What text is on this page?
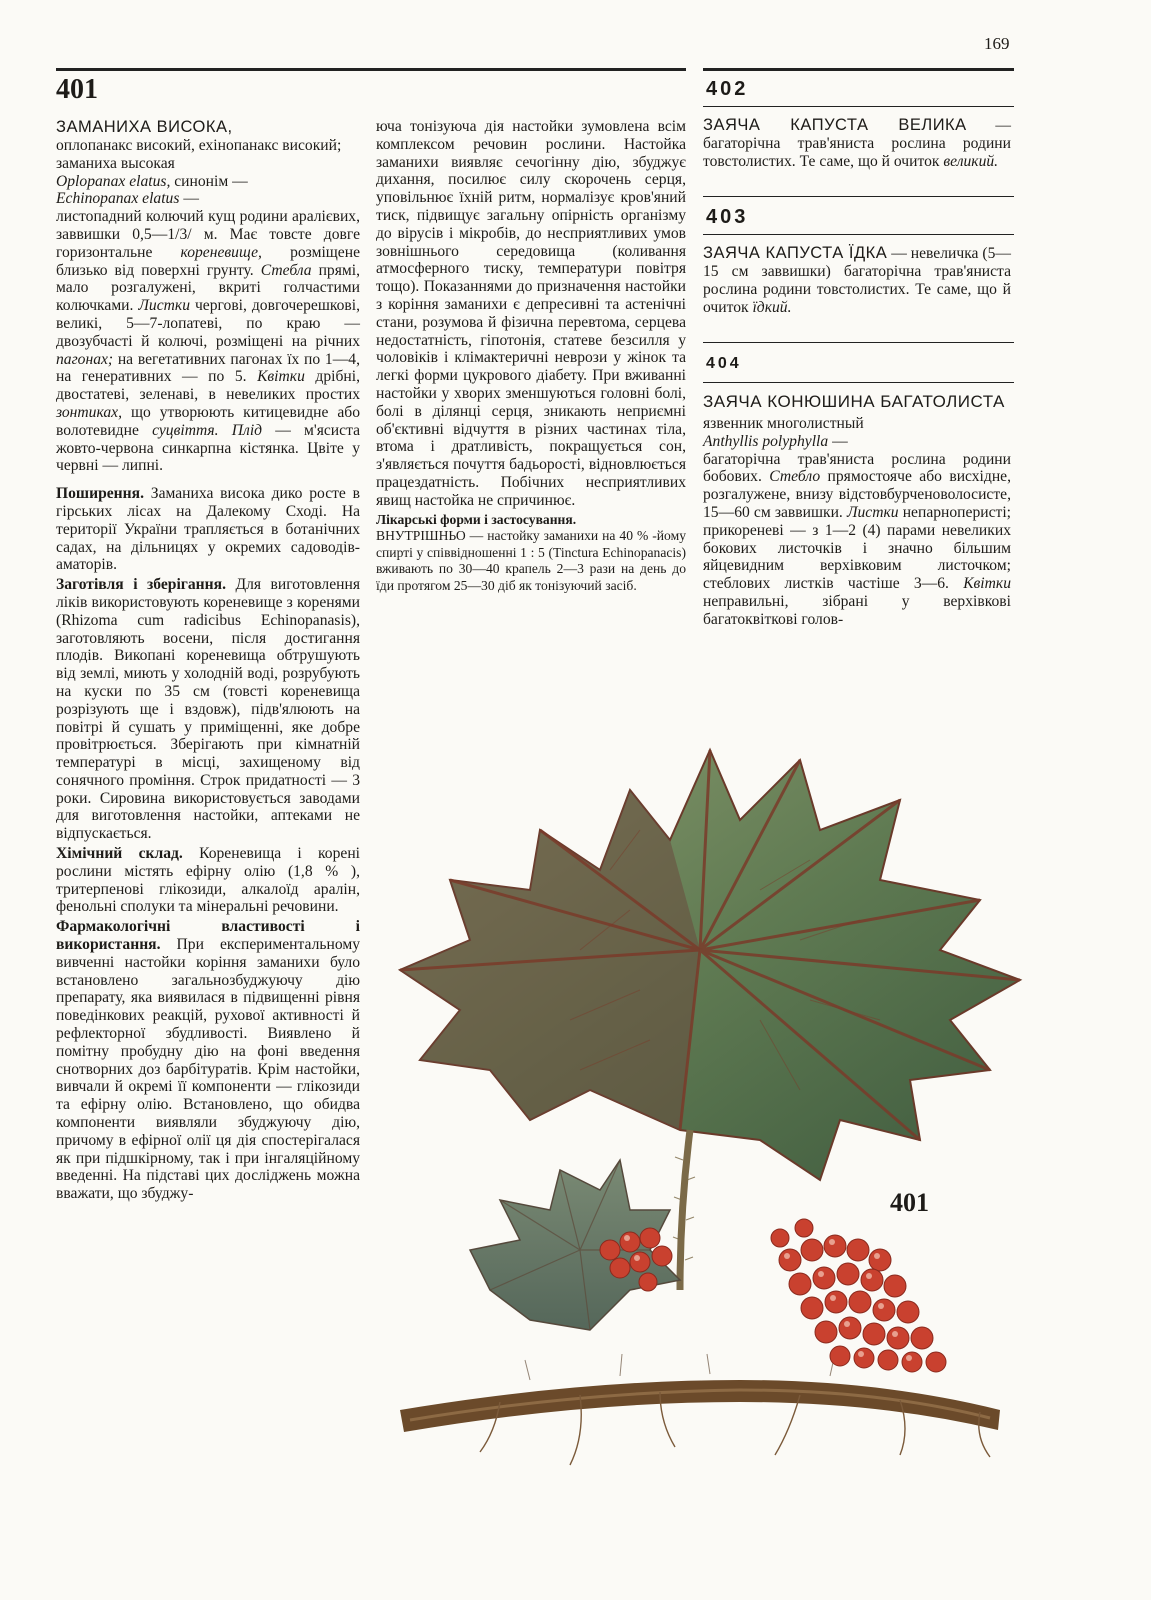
169
401

ЗАМАНИХА ВИСОКА,

оплопанакс високий, ехінопанакс високий;

заманиха высокая

Oplopanax elatus, синонім —

Echinopanax elatus —

листопадний колючий кущ родини аралієвих, заввишки 0,5—1/3/ м. Має товсте довге горизонтальне кореневище, розміщене близько від поверхні грунту. Стебла прямі, мало розгалужені, вкриті голчастими колючками. Листки чергові, довгочерешкові, великі, 5—7-лопатеві, по краю — двозубчасті й колючі, розміщені на річних пагонах; на вегетативних пагонах їх по 1—4, на генеративних — по 5. Квітки дрібні, двостатеві, зеленаві, в невеликих простих зонтиках, що утворюють китицевидне або волотевидне суцвіття. Плід — м'ясиста жовто-червона синкарпна кістянка. Цвіте у червні — липні.

Поширення. Заманиха висока дико росте в гірських лісах на Далекому Сході. На території України трапляється в ботанічних садах, на дільницях у окремих садоводів-аматорів.

Заготівля і зберігання. Для виготовлення ліків використовують кореневище з коренями (Rhizoma cum radicibus Echinopanasis), заготовляють восени, після достигання плодів. Викопані кореневища обтрушують від землі, миють у холодній воді, розрубують на куски по 35 см (товсті кореневища розрізують ще і вздовж), підв'ялюють на повітрі й сушать у приміщенні, яке добре провітрюється. Зберігають при кімнатній температурі в місці, захищеному від сонячного проміння. Строк придатності — 3 роки. Сировина використовується заводами для виготовлення настойки, аптеками не відпускається.

Хімічний склад. Кореневища і корені рослини містять ефірну олію (1,8 % ), тритерпенові глікозиди, алкалоїд аралін, фенольні сполуки та мінеральні речовини.

Фармакологічні властивості і використання. При експериментальному вивченні настойки коріння заманихи було встановлено загальнозбуджуючу дію препарату, яка виявилася в підвищенні рівня поведінкових реакцій, рухової активності й рефлекторної збудливості. Виявлено й помітну пробудну дію на фоні введення снотворних доз барбітуратів. Крім настойки, вивчали й окремі її компоненти — глікозиди та ефірну олію. Встановлено, що обидва компоненти виявляли збуджуючу дію, причому в ефірної олії ця дія спостерігалася як при підшкірному, так і при інгаляційному введенні. На підставі цих досліджень можна вважати, що збуджу-

юча тонізуюча дія настойки зумовлена всім комплексом речовин рослини. Настойка заманихи виявляє сечогінну дію, збуджує дихання, посилює силу скорочень серця, уповільнює їхній ритм, нормалізує кров'яний тиск, підвищує загальну опірність організму до вірусів і мікробів, до несприятливих умов зовнішнього середовища (коливання атмосферного тиску, температури повітря тощо). Показаннями до призначення настойки з коріння заманихи є депресивні та астенічні стани, розумова й фізична перевтома, серцева недостатність, гіпотонія, статеве безсилля у чоловіків і клімактеричні неврози у жінок та легкі форми цукрового діабету. При вживанні настойки у хворих зменшуються головні болі, болі в ділянці серця, зникають неприємні об'єктивні відчуття в різних частинах тіла, втома і дратливість, покращується сон, з'являється почуття бадьорості, відновлюється працездатність. Побічних несприятливих явищ настойка не спричинює.

Лікарські форми і застосування.

ВНУТРІШНЬО — настойку заманихи на 40 % -йому спирті у співвідношенні 1 : 5 (Tinctura Echinopanacis) вживають по 30—40 крапель 2—3 рази на день до їди протягом 25—30 діб як тонізуючий засіб.

402

ЗАЯЧА КАПУСТА ВЕЛИКА — багаторічна трав'яниста рослина родини товстолистих. Те саме, що й очиток великий.

403

ЗАЯЧА КАПУСТА ЇДКА — невеличка (5—15 см заввишки) багаторічна трав'яниста рослина родини товстолистих. Те саме, що й очиток їдкий.

404

ЗАЯЧА КОНЮШИНА БАГАТОЛИСТА

язвенник многолистный

Anthyllis polyphylla —

багаторічна трав'яниста рослина родини бобових. Стебло прямостояче або висхідне, розгалужене, внизу відстовбурченоволосисте, 15—60 см заввишки. Листки непарноперисті; прикореневі — з 1—2 (4) парами невеликих бокових листочків і значно більшим яйцевидним верхівковим листочком; стеблових листків частіше 3—6. Квітки неправильні, зібрані у верхівкові багатоквіткові голов-

401
